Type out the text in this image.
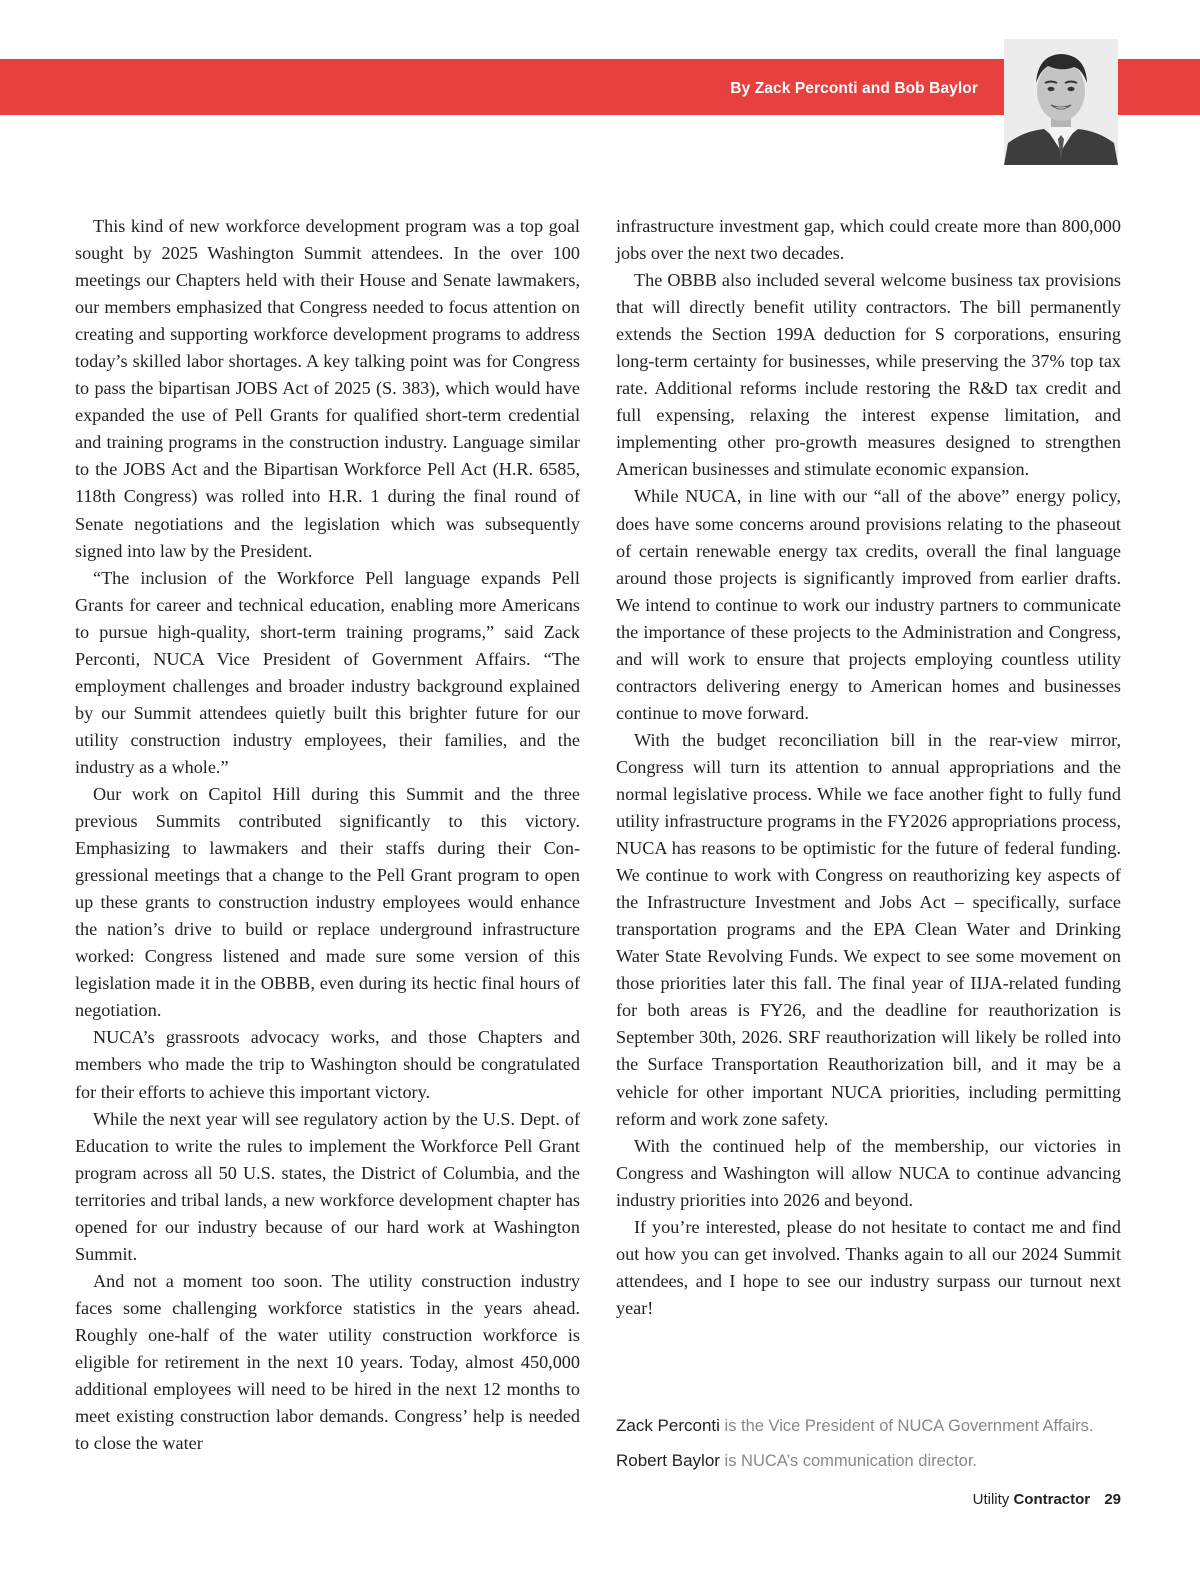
By Zack Perconti and Bob Baylor

This kind of new workforce development program was a top goal sought by 2025 Washington Summit attendees. In the over 100 meetings our Chapters held with their House and Senate lawmakers, our members emphasized that Congress needed to focus attention on creating and supporting workforce development programs to address today’s skilled labor shortages. A key talking point was for Congress to pass the bipartisan JOBS Act of 2025 (S. 383), which would have expanded the use of Pell Grants for qualified short-term credential and training programs in the construction industry. Language similar to the JOBS Act and the Bipartisan Workforce Pell Act (H.R. 6585, 118th Congress) was rolled into H.R. 1 during the final round of Senate negotiations and the legislation which was subsequently signed into law by the President.

“The inclusion of the Workforce Pell language expands Pell Grants for career and technical education, enabling more Americans to pursue high-quality, short-term training programs,” said Zack Perconti, NUCA Vice President of Government Affairs. “The employment challenges and broader industry background explained by our Summit attendees quietly built this brighter future for our utility construction industry employees, their families, and the industry as a whole.”

Our work on Capitol Hill during this Summit and the three previous Summits contributed significantly to this victory. Emphasizing to lawmakers and their staffs during their Congressional meetings that a change to the Pell Grant program to open up these grants to construction industry employees would enhance the nation’s drive to build or replace underground infrastructure worked: Congress listened and made sure some version of this legislation made it in the OBBB, even during its hectic final hours of negotiation.

NUCA’s grassroots advocacy works, and those Chapters and members who made the trip to Washington should be congratulated for their efforts to achieve this important victory.

While the next year will see regulatory action by the U.S. Dept. of Education to write the rules to implement the Workforce Pell Grant program across all 50 U.S. states, the District of Columbia, and the territories and tribal lands, a new workforce development chapter has opened for our industry because of our hard work at Washington Summit.

And not a moment too soon. The utility construction industry faces some challenging workforce statistics in the years ahead. Roughly one-half of the water utility construction workforce is eligible for retirement in the next 10 years. Today, almost 450,000 additional employees will need to be hired in the next 12 months to meet existing construction labor demands. Congress’ help is needed to close the water

infrastructure investment gap, which could create more than 800,000 jobs over the next two decades.

The OBBB also included several welcome business tax provisions that will directly benefit utility contractors. The bill permanently extends the Section 199A deduction for S corporations, ensuring long-term certainty for businesses, while preserving the 37% top tax rate. Additional reforms include restoring the R&D tax credit and full expensing, relaxing the interest expense limitation, and implementing other pro-growth measures designed to strengthen American businesses and stimulate economic expansion.

While NUCA, in line with our “all of the above” energy policy, does have some concerns around provisions relating to the phaseout of certain renewable energy tax credits, overall the final language around those projects is significantly improved from earlier drafts. We intend to continue to work our industry partners to communicate the importance of these projects to the Administration and Congress, and will work to ensure that projects employing countless utility contractors delivering energy to American homes and businesses continue to move forward.

With the budget reconciliation bill in the rear-view mirror, Congress will turn its attention to annual appropriations and the normal legislative process. While we face another fight to fully fund utility infrastructure programs in the FY2026 appropriations process, NUCA has reasons to be optimistic for the future of federal funding. We continue to work with Congress on reauthorizing key aspects of the Infrastructure Investment and Jobs Act – specifically, surface transportation programs and the EPA Clean Water and Drinking Water State Revolving Funds. We expect to see some movement on those priorities later this fall. The final year of IIJA-related funding for both areas is FY26, and the deadline for reauthorization is September 30th, 2026. SRF reauthorization will likely be rolled into the Surface Transportation Reauthorization bill, and it may be a vehicle for other important NUCA priorities, including permitting reform and work zone safety.

With the continued help of the membership, our victories in Congress and Washington will allow NUCA to continue advancing industry priorities into 2026 and beyond.

If you’re interested, please do not hesitate to contact me and find out how you can get involved. Thanks again to all our 2024 Summit attendees, and I hope to see our industry surpass our turnout next year!

Zack Perconti is the Vice President of NUCA Government Affairs.
Robert Baylor is NUCA’s communication director.
Utility Contractor 29
